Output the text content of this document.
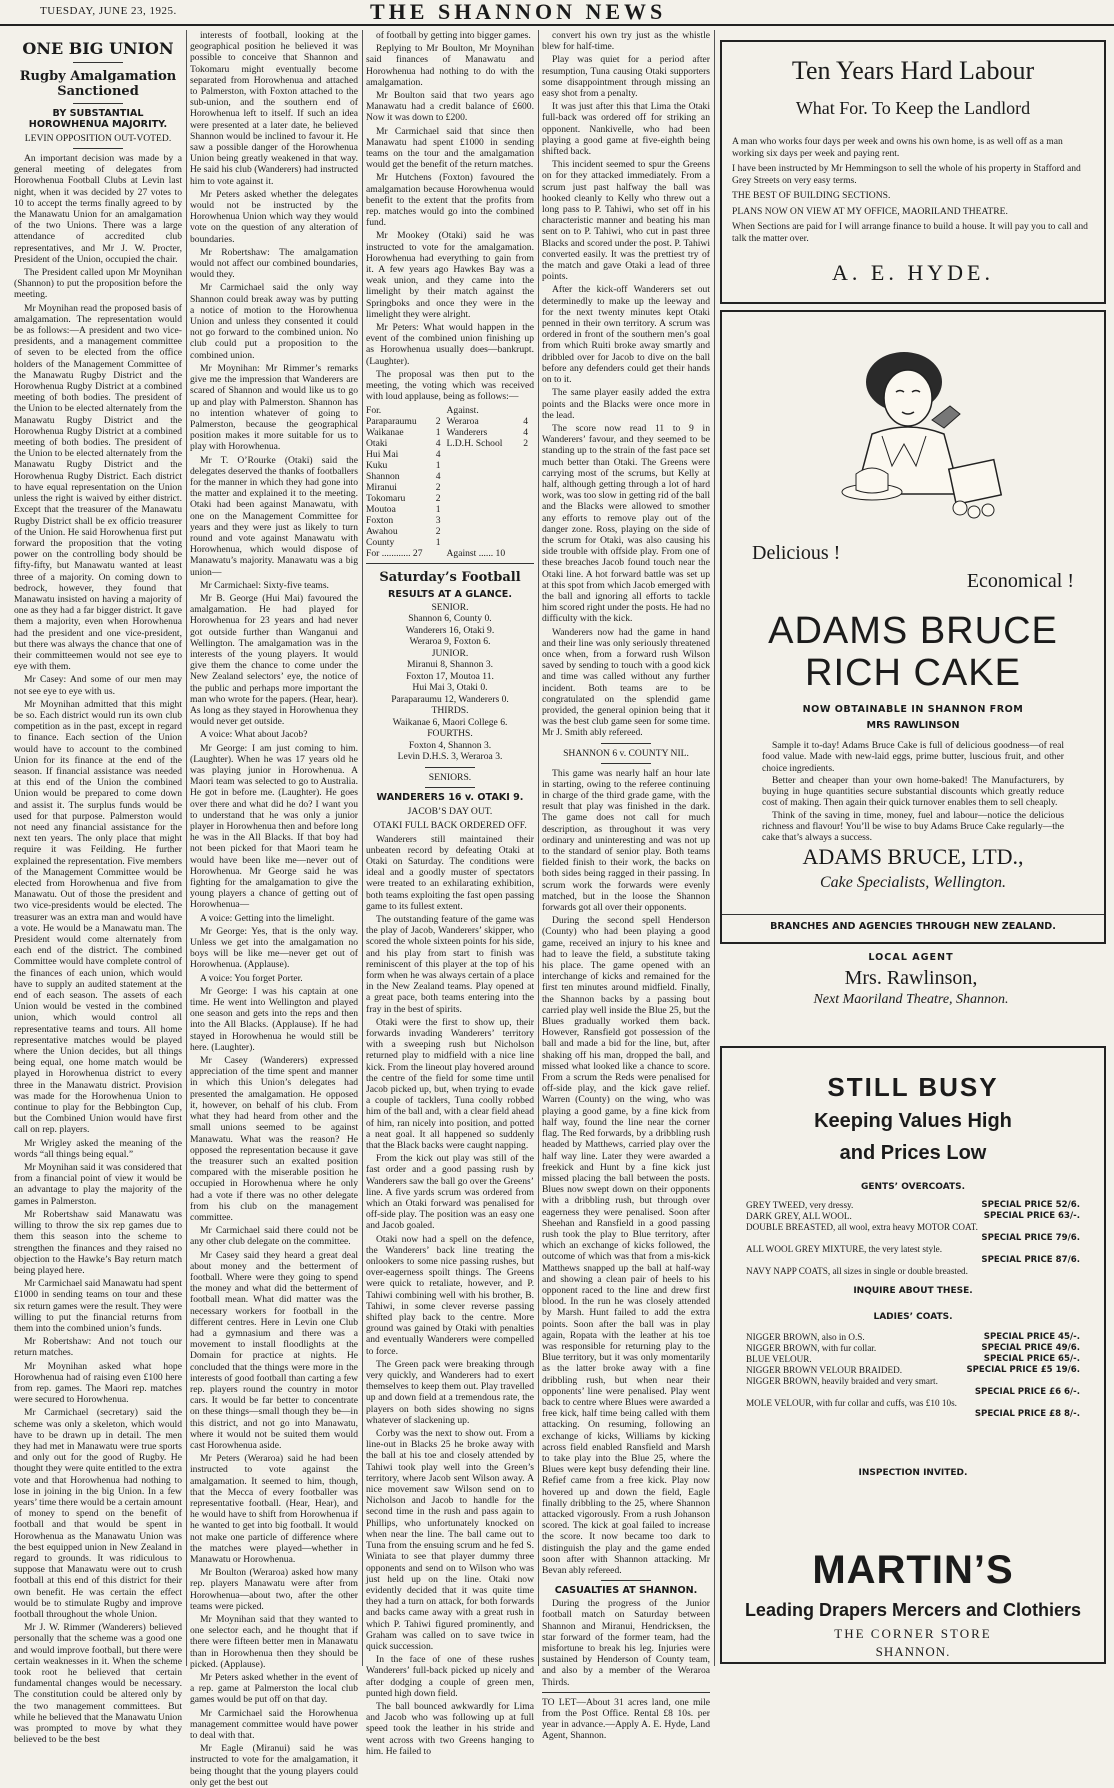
TUESDAY, JUNE 23, 1925.	THE SHANNON NEWS
ONE BIG UNION
Rugby Amalgamation Sanctioned
BY SUBSTANTIAL HOROWHENUA MAJORITY.
LEVIN OPPOSITION OUT-VOTED.

An important decision was made by a general meeting of delegates from Horowhenua Football Clubs at Levin last night, when it was decided by 27 votes to 10 to accept the terms finally agreed to by the Manawatu Union for an amalgamation of the two Unions. There was a large attendance of accredited club representatives, and Mr J. W. Procter, President of the Union, occupied the chair.

The President called upon Mr Moynihan (Shannon) to put the proposition before the meeting.

Mr Moynihan read the proposed basis of amalgamation. The representation would be as follows:—A president and two vice-presidents, and a management committee of seven to be elected from the office holders of the Management Committee of the Manawatu Rugby District and the Horowhenua Rugby District at a combined meeting of both bodies. The president of the Union to be elected alternately from the Manawatu Rugby District and the Horowhenua Rugby District at a combined meeting of both bodies. The president of the Union to be elected alternately from the Manawatu Rugby District and the Horowhenua Rugby District. Each district to have equal representation on the Union unless the right is waived by either district. Except that the treasurer of the Manawatu Rugby District shall be ex officio treasurer of the Union. He said Horowhenua first put forward the proposition that the voting power on the controlling body should be fifty-fifty, but Manawatu wanted at least three of a majority. On coming down to bedrock, however, they found that Manawatu insisted on having a majority of one as they had a far bigger district. It gave them a majority, even when Horowhenua had the president and one vice-president, but there was always the chance that one of their committeemen would not see eye to eye with them.

Mr Casey: And some of our men may not see eye to eye with us.

Mr Moynihan admitted that this might be so. Each district would run its own club competition as in the past, except in regard to finance. Each section of the Union would have to account to the combined Union for its finance at the end of the season. If financial assistance was needed at this end of the Union the combined Union would be prepared to come down and assist it. The surplus funds would be used for that purpose. Palmerston would not need any financial assistance for the next ten years. The only place that might require it was Feilding. He further explained the representation. Five members of the Management Committee would be elected from Horowhenua and five from Manawatu. Out of those the president and two vice-presidents would be elected. The treasurer was an extra man and would have a vote. He would be a Manawatu man. The President would come alternately from each end of the district. The combined Committee would have complete control of the finances of each union, which would have to supply an audited statement at the end of each season. The assets of each Union would be vested in the combined union, which would control all representative teams and tours. All home representative matches would be played where the Union decides, but all things being equal, one home match would be played in Horowhenua district to every three in the Manawatu district. Provision was made for the Horowhenua Union to continue to play for the Bebbington Cup, but the Combined Union would have first call on rep. players.

Mr Wrigley asked the meaning of the words “all things being equal.”

Mr Moynihan said it was considered that from a financial point of view it would be an advantage to play the majority of the games in Palmerston.

Mr Robertshaw said Manawatu was willing to throw the six rep games due to them this season into the scheme to strengthen the finances and they raised no objection to the Hawke’s Bay return match being played here.

Mr Carmichael said Manawatu had spent £1000 in sending teams on tour and these six return games were the result. They were willing to put the financial returns from them into the combined union’s funds.

Mr Robertshaw: And not touch our return matches.

Mr Moynihan asked what hope Horowhenua had of raising even £100 here from rep. games. The Maori rep. matches were secured to Horowhenua.

Mr Carmichael (secretary) said the scheme was only a skeleton, which would have to be drawn up in detail. The men they had met in Manawatu were true sports and only out for the good of Rugby. He thought they were quite entitled to the extra vote and that Horowhenua had nothing to lose in joining in the big Union. In a few years’ time there would be a certain amount of money to spend on the benefit of football and that would be spent in Horowhenua as the Manawatu Union was the best equipped union in New Zealand in regard to grounds. It was ridiculous to suppose that Manawatu were out to crush football at this end of this district for their own benefit. He was certain the effect would be to stimulate Rugby and improve football throughout the whole Union.

Mr J. W. Rimmer (Wanderers) believed personally that the scheme was a good one and would improve football, but there were certain weaknesses in it. When the scheme took root he believed that certain fundamental changes would be necessary. The constitution could be altered only by the two management committees. But while he believed that the Manawatu Union was prompted to move by what they believed to be the best

interests of football, looking at the geographical position he believed it was possible to conceive that Shannon and Tokomaru might eventually become separated from Horowhenua and attached to Palmerston, with Foxton attached to the sub-union, and the southern end of Horowhenua left to itself. If such an idea were presented at a later date, he believed Shannon would be inclined to favour it. He saw a possible danger of the Horowhenua Union being greatly weakened in that way. He said his club (Wanderers) had instructed him to vote against it.

Mr Peters asked whether the delegates would not be instructed by the Horowhenua Union which way they would vote on the question of any alteration of boundaries.

Mr Robertshaw: The amalgamation would not affect our combined boundaries, would they.

Mr Carmichael said the only way Shannon could break away was by putting a notice of motion to the Horowhenua Union and unless they consented it could not go forward to the combined union. No club could put a proposition to the combined union.

Mr Moynihan: Mr Rimmer’s remarks give me the impression that Wanderers are scared of Shannon and would like us to go up and play with Palmerston. Shannon has no intention whatever of going to Palmerston, because the geographical position makes it more suitable for us to play with Horowhenua.

Mr T. O’Rourke (Otaki) said the delegates deserved the thanks of footballers for the manner in which they had gone into the matter and explained it to the meeting. Otaki had been against Manawatu, with one on the Management Committee for years and they were just as likely to turn round and vote against Manawatu with Horowhenua, which would dispose of Manawatu’s majority. Manawatu was a big union—

Mr Carmichael: Sixty-five teams.

Mr B. George (Hui Mai) favoured the amalgamation. He had played for Horowhenua for 23 years and had never got outside further than Wanganui and Wellington. The amalgamation was in the interests of the young players. It would give them the chance to come under the New Zealand selectors’ eye, the notice of the public and perhaps more important the man who wrote for the papers. (Hear, hear). As long as they stayed in Horowhenua they would never get outside.

A voice: What about Jacob?

Mr George: I am just coming to him. (Laughter). When he was 17 years old he was playing junior in Horowhenua. A Maori team was selected to go to Australia. He got in before me. (Laughter). He goes over there and what did he do? I want you to understand that he was only a junior player in Horowhenua then and before long he was in the All Blacks. If that boy had not been picked for that Maori team he would have been like me—never out of Horowhenua. Mr George said he was fighting for the amalgamation to give the young players a chance of getting out of Horowhenua—

A voice: Getting into the limelight.

Mr George: Yes, that is the only way. Unless we get into the amalgamation no boys will be like me—never get out of Horowhenua. (Applause).

A voice: You forget Porter.

Mr George: I was his captain at one time. He went into Wellington and played one season and gets into the reps and then into the All Blacks. (Applause). If he had stayed in Horowhenua he would still be here. (Laughter).

Mr Casey (Wanderers) expressed appreciation of the time spent and manner in which this Union’s delegates had presented the amalgamation. He opposed it, however, on behalf of his club. From what they had heard from other and the small unions seemed to be against Manawatu. What was the reason? He opposed the representation because it gave the treasurer such an exalted position compared with the miserable position he occupied in Horowhenua where he only had a vote if there was no other delegate from his club on the management committee.

Mr Carmichael said there could not be any other club delegate on the committee.

Mr Casey said they heard a great deal about money and the betterment of football. Where were they going to spend the money and what did the betterment of football mean. What did matter was the necessary workers for football in the different centres. Here in Levin one Club had a gymnasium and there was a movement to install floodlights at the Domain for practice at nights. He concluded that the things were more in the interests of good football than carting a few rep. players round the country in motor cars. It would be far better to concentrate on these things—small though they be—in this district, and not go into Manawatu, where it would not be suited them would cast Horowhenua aside.

Mr Peters (Weraroa) said he had been instructed to vote against the amalgamation. It seemed to him, though, that the Mecca of every footballer was representative football. (Hear, Hear), and he would have to shift from Horowhenua if he wanted to get into big football. It would not make one particle of difference where the matches were played—whether in Manawatu or Horowhenua.

Mr Boulton (Weraroa) asked how many rep. players Manawatu were after from Horowhenua—about two, after the other teams were picked.

Mr Moynihan said that they wanted to one selector each, and he thought that if there were fifteen better men in Manawatu than in Horowhenua then they should be picked. (Applause).

Mr Peters asked whether in the event of a rep. game at Palmerston the local club games would be put off on that day.

Mr Carmichael said the Horowhenua management committee would have power to deal with that.

Mr Eagle (Miranui) said he was instructed to vote for the amalgamation, it being thought that the young players could only get the best out

of football by getting into bigger games.

Replying to Mr Boulton, Mr Moynihan said finances of Manawatu and Horowhenua had nothing to do with the amalgamation.

Mr Boulton said that two years ago Manawatu had a credit balance of £600. Now it was down to £200.

Mr Carmichael said that since then Manawatu had spent £1000 in sending teams on the tour and the amalgamation would get the benefit of the return matches.

Mr Hutchens (Foxton) favoured the amalgamation because Horowhenua would benefit to the extent that the profits from rep. matches would go into the combined fund.

Mr Mookey (Otaki) said he was instructed to vote for the amalgamation. Horowhenua had everything to gain from it. A few years ago Hawkes Bay was a weak union, and they came into the limelight by their match against the Springboks and once they were in the limelight they were alright.

Mr Peters: What would happen in the event of the combined union finishing up as Horowhenua usually does—bankrupt. (Laughter).

The proposal was then put to the meeting, the voting which was received with loud applause, being as follows:—

For.		Against.	
Paraparaumu	2	Weraroa	4
Waikanae	1	Wanderers	4
Otaki	4	L.D.H. School	2
Hui Mai	4		
Kuku	1		
Shannon	4		
Miranui	2		
Tokomaru	2		
Moutoa	1		
Foxton	3		
Awahou	2		
County	1		
For ............ 27		Against ...... 10	
Saturday’s Football
RESULTS AT A GLANCE.
SENIOR.
Shannon 6, County 0.
Wanderers 16, Otaki 9.
Weraroa 9, Foxton 6.
JUNIOR.
Miranui 8, Shannon 3.
Foxton 17, Moutoa 11.
Hui Mai 3, Otaki 0.
Paraparaumu 12, Wanderers 0.
THIRDS.
Waikanae 6, Maori College 6.
FOURTHS.
Foxton 4, Shannon 3.
Levin D.H.S. 3, Weraroa 3.
SENIORS.
WANDERERS 16 v. OTAKI 9.
JACOB’S DAY OUT.
OTAKI FULL BACK ORDERED OFF.

Wanderers still maintained their unbeaten record by defeating Otaki at Otaki on Saturday. The conditions were ideal and a goodly muster of spectators were treated to an exhilarating exhibition, both teams exploiting the fast open passing game to its fullest extent.

The outstanding feature of the game was the play of Jacob, Wanderers’ skipper, who scored the whole sixteen points for his side, and his play from start to finish was reminiscent of this player at the top of his form when he was always certain of a place in the New Zealand teams. Play opened at a great pace, both teams entering into the fray in the best of spirits.

Otaki were the first to show up, their forwards invading Wanderers’ territory with a sweeping rush but Nicholson returned play to midfield with a nice line kick. From the lineout play hovered around the centre of the field for some time until Jacob picked up, but, when trying to evade a couple of tacklers, Tuna coolly robbed him of the ball and, with a clear field ahead of him, ran nicely into position, and potted a neat goal. It all happened so suddenly that the Black backs were caught napping.

From the kick out play was still of the fast order and a good passing rush by Wanderers saw the ball go over the Greens’ line. A five yards scrum was ordered from which an Otaki forward was penalised for off-side play. The position was an easy one and Jacob goaled.

Otaki now had a spell on the defence, the Wanderers’ back line treating the onlookers to some nice passing rushes, but over-eagerness spoilt things. The Greens were quick to retaliate, however, and P. Tahiwi combining well with his brother, B. Tahiwi, in some clever reverse passing shifted play back to the centre. More ground was gained by Otaki with penalties and eventually Wanderers were compelled to force.

The Green pack were breaking through very quickly, and Wanderers had to exert themselves to keep them out. Play travelled up and down field at a tremendous rate, the players on both sides showing no signs whatever of slackening up.

Corby was the next to show out. From a line-out in Blacks 25 he broke away with the ball at his toe and closely attended by Tahiwi took play well into the Green’s territory, where Jacob sent Wilson away. A nice movement saw Wilson send on to Nicholson and Jacob to handle for the second time in the rush and pass again to Phillips, who unfortunately knocked on when near the line. The ball came out to Tuna from the ensuing scrum and he fed S. Winiata to see that player dummy three opponents and send on to Wilson who was just held up on the line. Otaki now evidently decided that it was quite time they had a turn on attack, for both forwards and backs came away with a great rush in which P. Tahiwi figured prominently, and Graham was called on to save twice in quick succession.

In the face of one of these rushes Wanderers’ full-back picked up nicely and after dodging a couple of green men, punted high down field.

The ball bounced awkwardly for Lima and Jacob who was following up at full speed took the leather in his stride and went across with two Greens hanging to him. He failed to

convert his own try just as the whistle blew for half-time.

Play was quiet for a period after resumption, Tuna causing Otaki supporters some disappointment through missing an easy shot from a penalty.

It was just after this that Lima the Otaki full-back was ordered off for striking an opponent. Nankivelle, who had been playing a good game at five-eighth being shifted back.

This incident seemed to spur the Greens on for they attacked immediately. From a scrum just past halfway the ball was hooked cleanly to Kelly who threw out a long pass to P. Tahiwi, who set off in his characteristic manner and beating his man sent on to P. Tahiwi, who cut in past three Blacks and scored under the post. P. Tahiwi converted easily. It was the prettiest try of the match and gave Otaki a lead of three points.

After the kick-off Wanderers set out determinedly to make up the leeway and for the next twenty minutes kept Otaki penned in their own territory. A scrum was ordered in front of the southern men’s goal from which Ruiti broke away smartly and dribbled over for Jacob to dive on the ball before any defenders could get their hands on to it.

The same player easily added the extra points and the Blacks were once more in the lead.

The score now read 11 to 9 in Wanderers’ favour, and they seemed to be standing up to the strain of the fast pace set much better than Otaki. The Greens were carrying most of the scrums, but Kelly at half, although getting through a lot of hard work, was too slow in getting rid of the ball and the Blacks were allowed to smother any efforts to remove play out of the danger zone. Ross, playing on the side of the scrum for Otaki, was also causing his side trouble with offside play. From one of these breaches Jacob found touch near the Otaki line. A hot forward battle was set up at this spot from which Jacob emerged with the ball and ignoring all efforts to tackle him scored right under the posts. He had no difficulty with the kick.

Wanderers now had the game in hand and their line was only seriously threatened once when, from a forward rush Wilson saved by sending to touch with a good kick and time was called without any further incident. Both teams are to be congratulated on the splendid game provided, the general opinion being that it was the best club game seen for some time. Mr J. Smith ably refereed.

SHANNON 6 v. COUNTY NIL.

This game was nearly half an hour late in starting, owing to the referee continuing in charge of the third grade game, with the result that play was finished in the dark. The game does not call for much description, as throughout it was very ordinary and uninteresting and was not up to the standard of senior play. Both teams fielded finish to their work, the backs on both sides being ragged in their passing. In scrum work the forwards were evenly matched, but in the loose the Shannon forwards got all over their opponents.

During the second spell Henderson (County) who had been playing a good game, received an injury to his knee and had to leave the field, a substitute taking his place. The game opened with an interchange of kicks and remained for the first ten minutes around midfield. Finally, the Shannon backs by a passing bout carried play well inside the Blue 25, but the Blues gradually worked them back. However, Ransfield got possession of the ball and made a bid for the line, but, after shaking off his man, dropped the ball, and missed what looked like a chance to score. From a scrum the Reds were penalised for off-side play, and the kick gave relief. Warren (County) on the wing, who was playing a good game, by a fine kick from half way, found the line near the corner flag. The Red forwards, by a dribbling rush headed by Matthews, carried play over the half way line. Later they were awarded a freekick and Hunt by a fine kick just missed placing the ball between the posts. Blues now swept down on their opponents with a dribbling rush, but through over eagerness they were penalised. Soon after Sheehan and Ransfield in a good passing rush took the play to Blue territory, after which an exchange of kicks followed, the outcome of which was that from a mis-kick Matthews snapped up the ball at half-way and showing a clean pair of heels to his opponent raced to the line and drew first blood. In the run he was closely attended by Marsh. Hunt failed to add the extra points. Soon after the ball was in play again, Ropata with the leather at his toe was responsible for returning play to the Blue territory, but it was only momentarily as the latter broke away with a fine dribbling rush, but when near their opponents’ line were penalised. Play went back to centre where Blues were awarded a free kick, half time being called with them attacking. On resuming, following an exchange of kicks, Williams by kicking across field enabled Ransfield and Marsh to take play into the Blue 25, where the Blues were kept busy defending their line. Refief came from a free kick. Play now hovered up and down the field, Eagle finally dribbling to the 25, where Shannon attacked vigorously. From a rush Johanson scored. The kick at goal failed to increase the score. It now became too dark to distinguish the play and the game ended soon after with Shannon attacking. Mr Bevan ably refereed.

CASUALTIES AT SHANNON.

During the progress of the Junior football match on Saturday between Shannon and Miranui, Hendricksen, the star forward of the former team, had the misfortune to break his leg. Injuries were sustained by Henderson of County team, and also by a member of the Weraroa Thirds.

TO LET—About 31 acres land, one mile from the Post Office. Rental £8 10s. per year in advance.—Apply A. E. Hyde, Land Agent, Shannon.

Ten Years Hard Labour
What For. To Keep the Landlord
A man who works four days per week and owns his own home, is as well off as a man working six days per week and paying rent.
I have been instructed by Mr Hemmingson to sell the whole of his property in Stafford and Grey Streets on very easy terms.
THE BEST OF BUILDING SECTIONS.
PLANS NOW ON VIEW AT MY OFFICE, MAORILAND THEATRE.
When Sections are paid for I will arrange finance to build a house. It will pay you to call and talk the matter over.
A. E. HYDE.
Delicious !
Economical !
ADAMS BRUCE
RICH CAKE
NOW OBTAINABLE IN SHANNON FROM
MRS RAWLINSON

Sample it to-day! Adams Bruce Cake is full of delicious goodness—of real food value. Made with new-laid eggs, prime butter, luscious fruit, and other choice ingredients.

Better and cheaper than your own home-baked! The Manufacturers, by buying in huge quantities secure substantial discounts which greatly reduce cost of making. Then again their quick turnover enables them to sell cheaply.

Think of the saving in time, money, fuel and labour—notice the delicious richness and flavour! You’ll be wise to buy Adams Bruce Cake regularly—the cake that’s always a success.

ADAMS BRUCE, LTD.,
Cake Specialists, Wellington.
BRANCHES AND AGENCIES THROUGH NEW ZEALAND.
LOCAL AGENT
Mrs. Rawlinson,
Next Maoriland Theatre, Shannon.
STILL BUSY
Keeping Values High
and Prices Low
GENTS’ OVERCOATS.
GREY TWEED, very dressy.	SPECIAL PRICE 52/6.
DARK GREY, ALL WOOL.	SPECIAL PRICE 63/-.
DOUBLE BREASTED, all wool, extra heavy MOTOR COAT.
SPECIAL PRICE 79/6.
ALL WOOL GREY MIXTURE, the very latest style.
SPECIAL PRICE 87/6.
NAVY NAPP COATS, all sizes in single or double breasted.
INQUIRE ABOUT THESE.
LADIES’ COATS.
NIGGER BROWN, also in O.S.	SPECIAL PRICE 45/-.
NIGGER BROWN, with fur collar.	SPECIAL PRICE 49/6.
BLUE VELOUR.	SPECIAL PRICE 65/-.
NIGGER BROWN VELOUR BRAIDED.	SPECIAL PRICE £5 19/6.
NIGGER BROWN, heavily braided and very smart.
SPECIAL PRICE £6 6/-.
MOLE VELOUR, with fur collar and cuffs, was £10 10s.
SPECIAL PRICE £8 8/-.
INSPECTION INVITED.
MARTIN’S
Leading Drapers Mercers and Clothiers
THE CORNER STORE
SHANNON.
